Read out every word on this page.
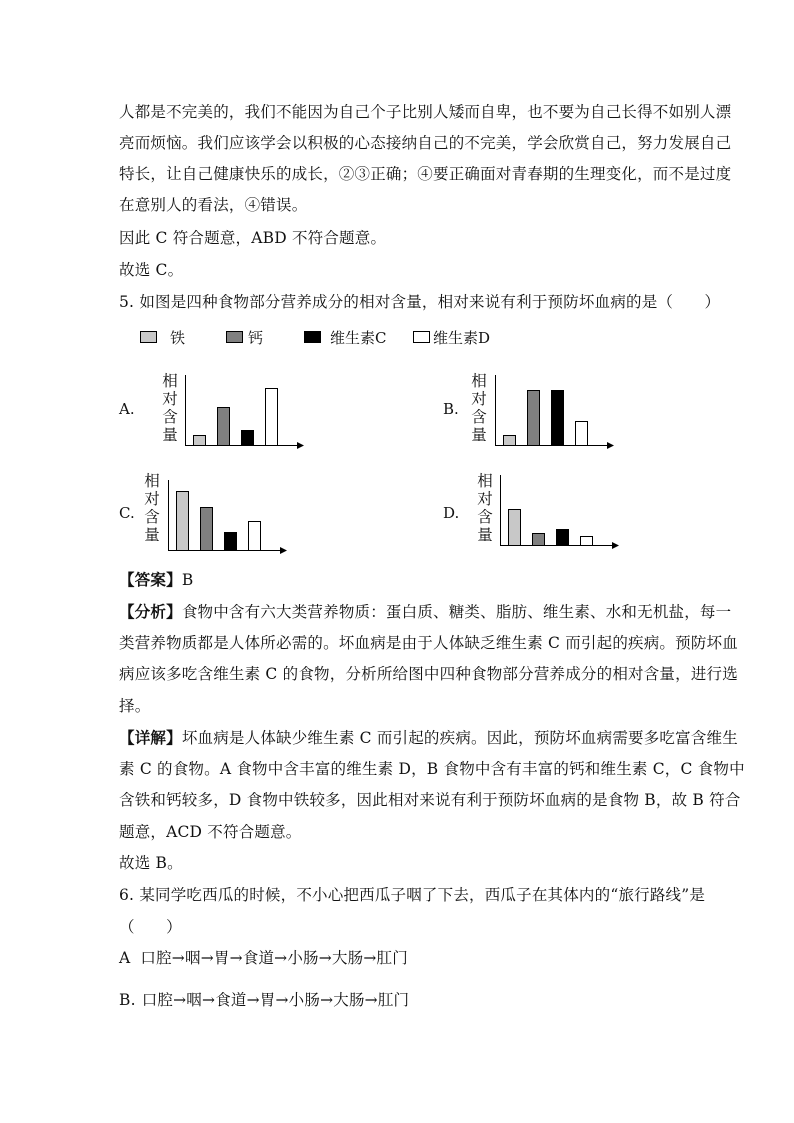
人都是不完美的，我们不能因为自己个子比别人矮而自卑，也不要为自己长得不如别人漂
亮而烦恼。我们应该学会以积极的心态接纳自己的不完美，学会欣赏自己，努力发展自己
特长，让自己健康快乐的成长，②③正确；④要正确面对青春期的生理变化，而不是过度
在意别人的看法，④错误。
因此 C 符合题意，ABD 不符合题意。
故选 C。
5. 如图是四种食物部分营养成分的相对含量，相对来说有利于预防坏血病的是（　　）
铁	钙	维生素C	维生素D
A.
相
对
含
量
B.
相
对
含
量
C.
相
对
含
量
D.
相
对
含
量
【答案】B
【分析】食物中含有六大类营养物质：蛋白质、糖类、脂肪、维生素、水和无机盐，每一
类营养物质都是人体所必需的。坏血病是由于人体缺乏维生素 C 而引起的疾病。预防坏血
病应该多吃含维生素 C 的食物，分析所给图中四种食物部分营养成分的相对含量，进行选
择。
【详解】坏血病是人体缺少维生素 C 而引起的疾病。因此，预防坏血病需要多吃富含维生
素 C 的食物。A 食物中含丰富的维生素 D，B 食物中含有丰富的钙和维生素 C，C 食物中
含铁和钙较多，D 食物中铁较多，因此相对来说有利于预防坏血病的是食物 B，故 B 符合
题意，ACD 不符合题意。
故选 B。
6. 某同学吃西瓜的时候，不小心把西瓜子咽了下去，西瓜子在其体内的“旅行路线”是
（　　）
A 口腔→咽→胃→食道→小肠→大肠→肛门
B. 口腔→咽→食道→胃→小肠→大肠→肛门
